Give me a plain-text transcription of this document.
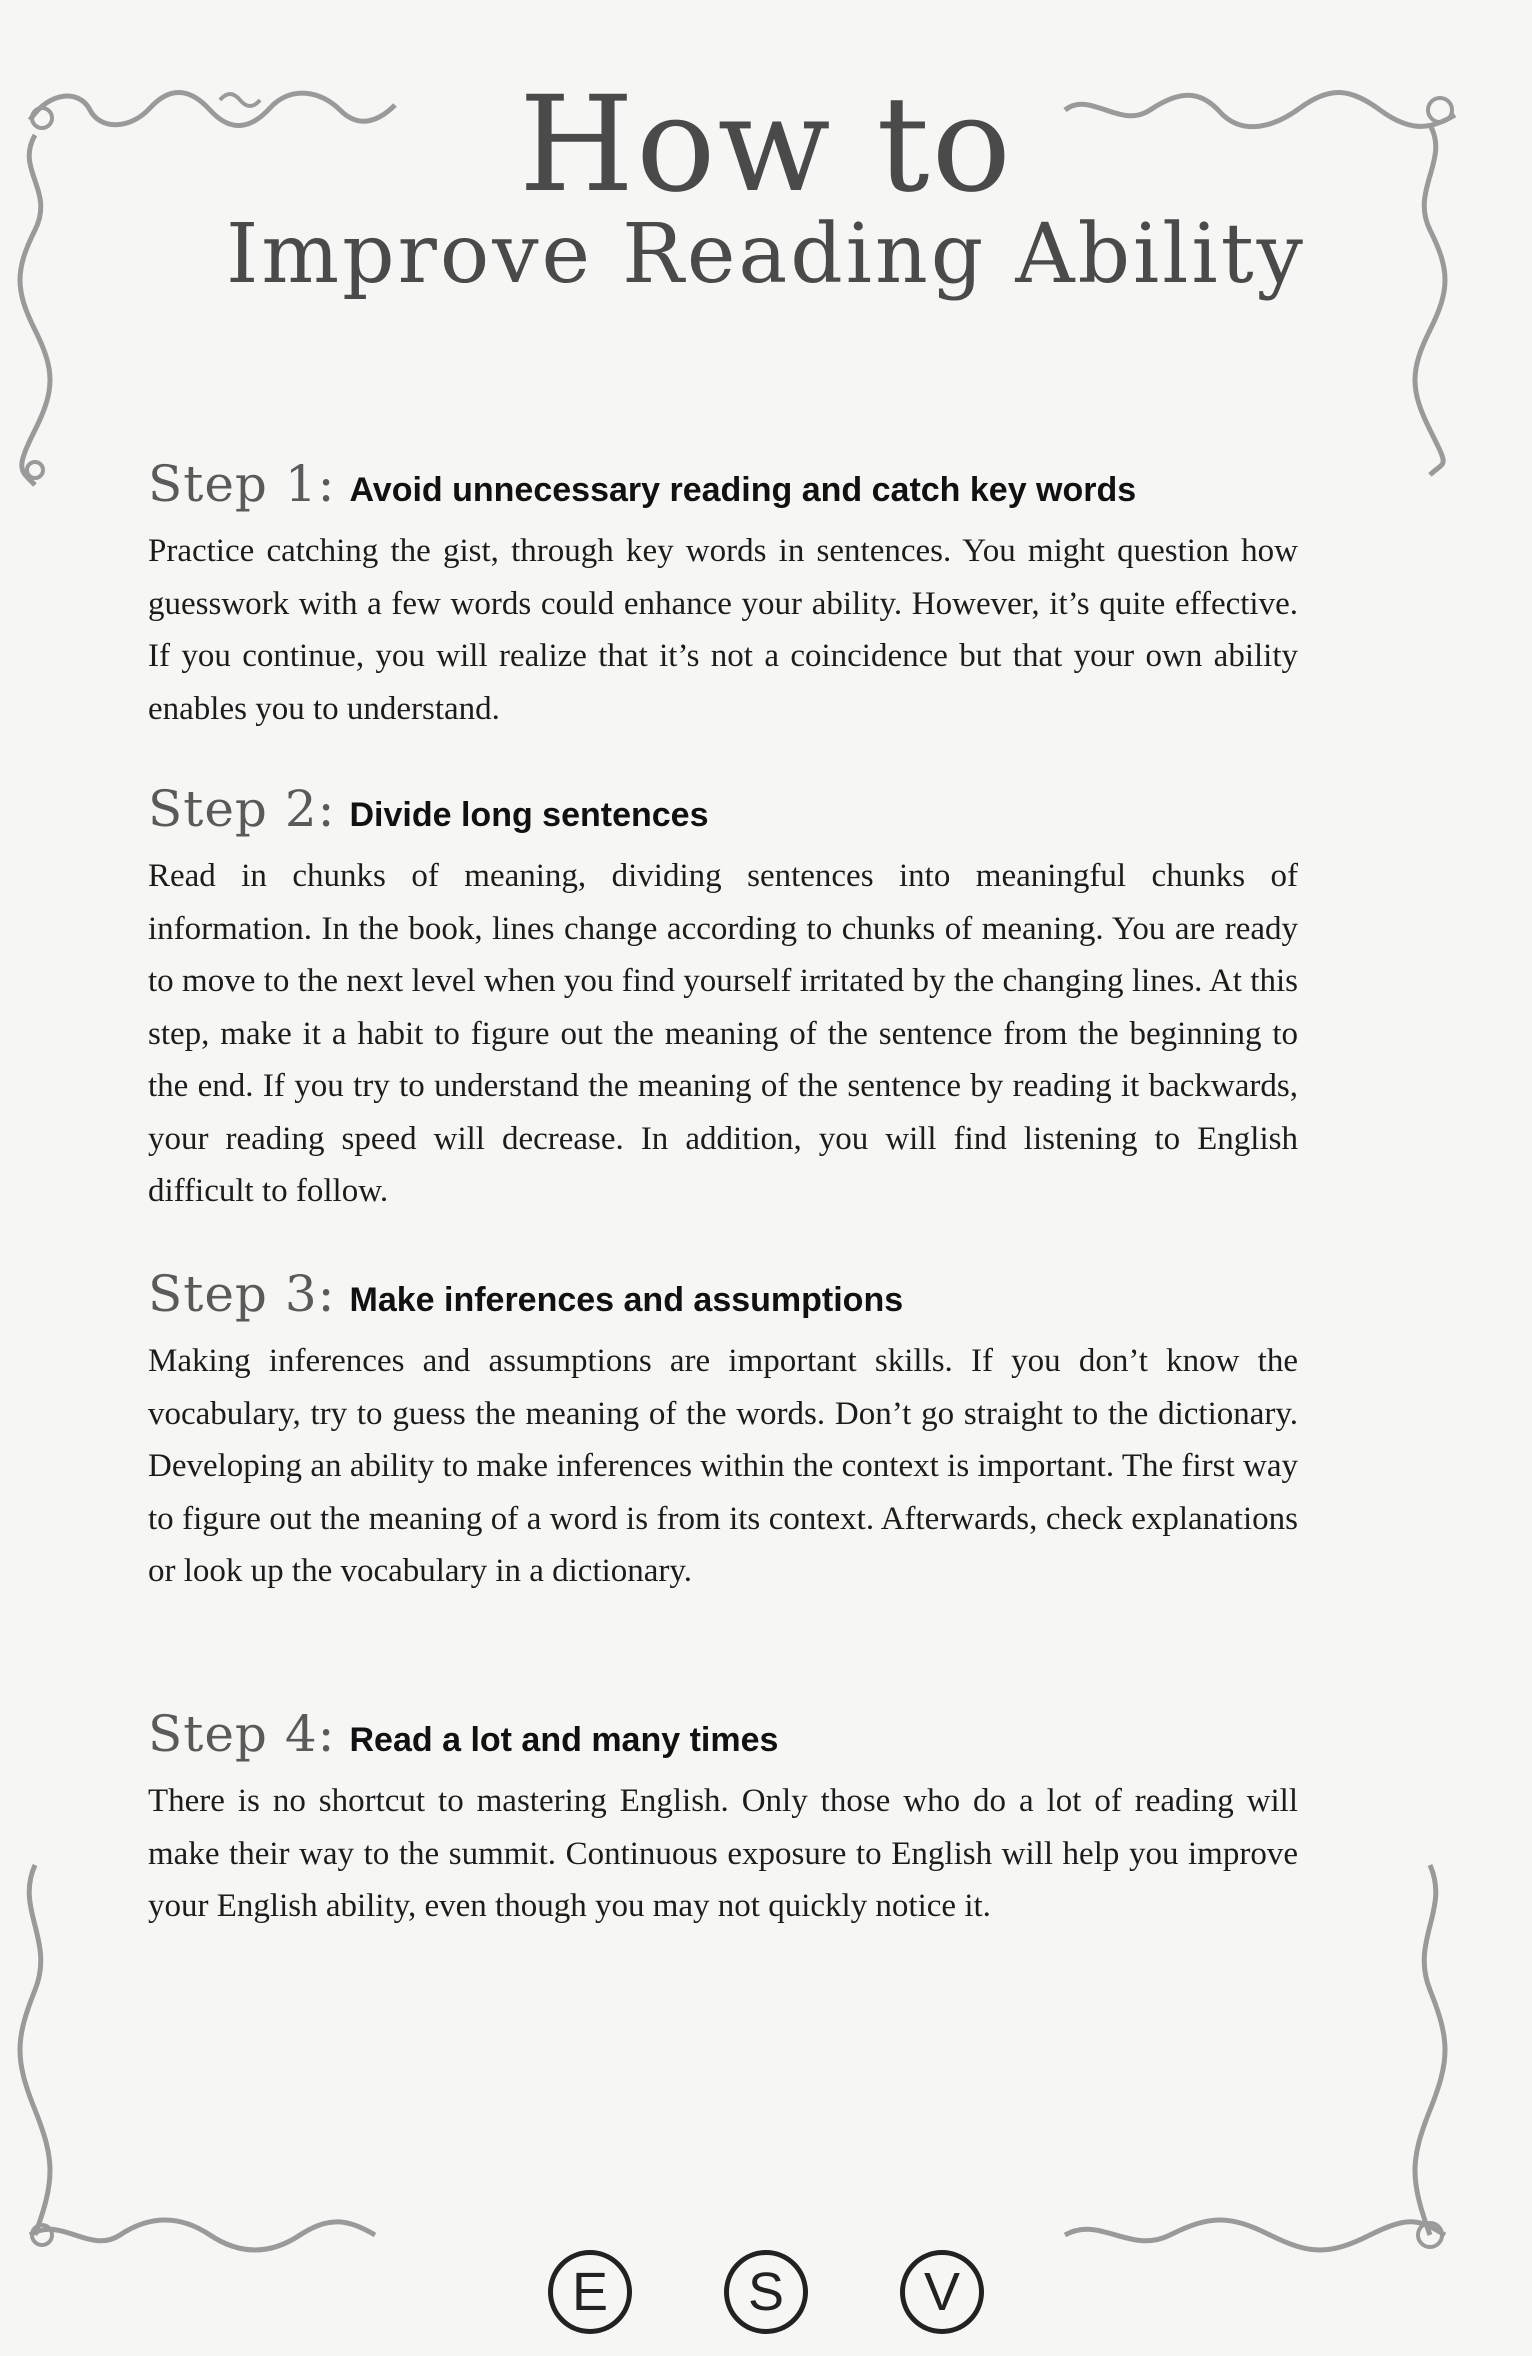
How to
Improve Reading Ability
Step 1: Avoid unnecessary reading and catch key words

Practice catching the gist, through key words in sentences. You might question how guesswork with a few words could enhance your ability. However, it’s quite effective. If you continue, you will realize that it’s not a coincidence but that your own ability enables you to understand.

Step 2: Divide long sentences

Read in chunks of meaning, dividing sentences into meaningful chunks of information. In the book, lines change according to chunks of meaning. You are ready to move to the next level when you find yourself irritated by the changing lines. At this step, make it a habit to figure out the meaning of the sentence from the beginning to the end. If you try to understand the meaning of the sentence by reading it backwards, your reading speed will decrease. In addition, you will find listening to English difficult to follow.

Step 3: Make inferences and assumptions

Making inferences and assumptions are important skills. If you don’t know the vocabulary, try to guess the meaning of the words. Don’t go straight to the dictionary. Developing an ability to make inferences within the context is important. The first way to figure out the meaning of a word is from its context. Afterwards, check explanations or look up the vocabulary in a dictionary.

Step 4: Read a lot and many times

There is no shortcut to mastering English. Only those who do a lot of reading will make their way to the summit. Continuous exposure to English will help you improve your English ability, even though you may not quickly notice it.

E	S	V
